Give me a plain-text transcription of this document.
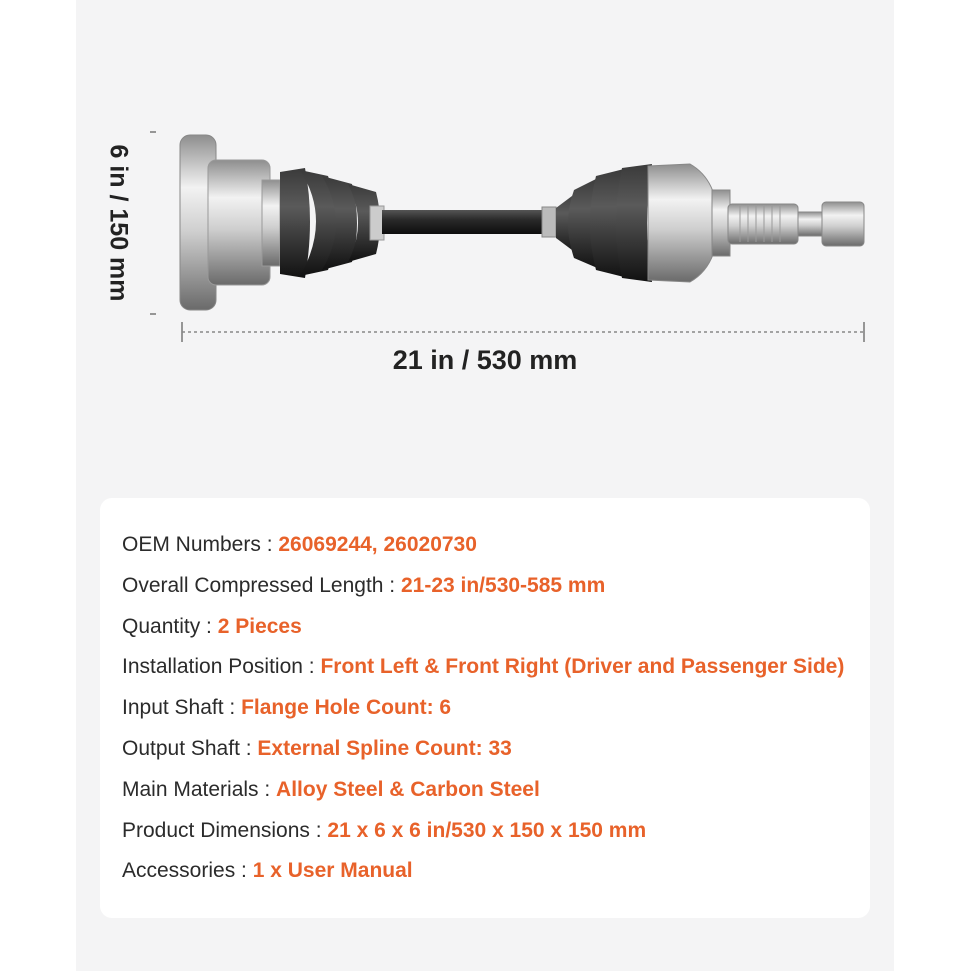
6 in / 150 mm
21 in / 530 mm
OEM Numbers : 26069244, 26020730
Overall Compressed Length : 21-23 in/530-585 mm
Quantity : 2 Pieces
Installation Position : Front Left & Front Right (Driver and Passenger Side)
Input Shaft : Flange Hole Count: 6
Output Shaft : External Spline Count: 33
Main Materials : Alloy Steel & Carbon Steel
Product Dimensions : 21 x 6 x 6 in/530 x 150 x 150 mm
Accessories : 1 x User Manual
